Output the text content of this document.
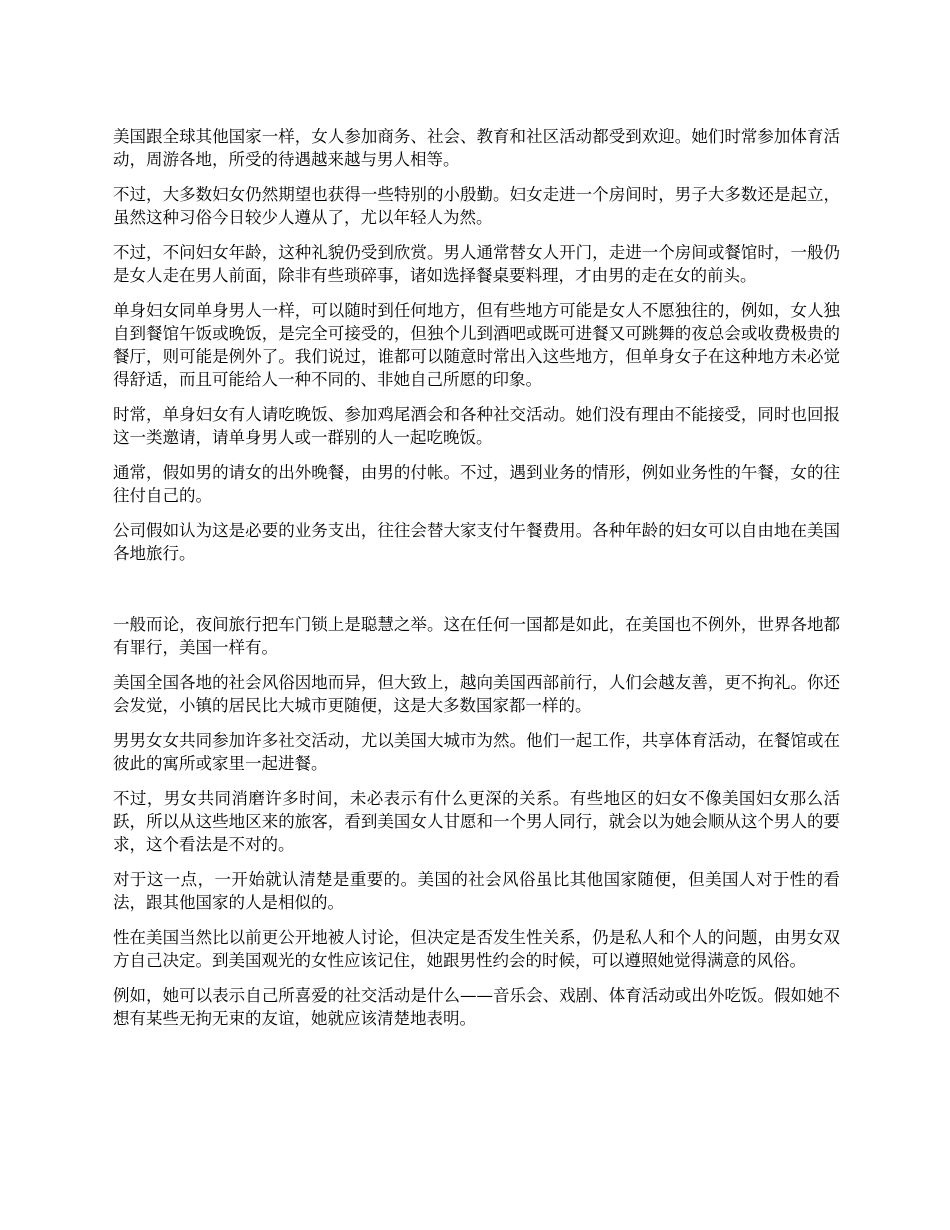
美国跟全球其他国家一样，女人参加商务、社会、教育和社区活动都受到欢迎。她们时常参加体育活动，周游各地，所受的待遇越来越与男人相等。

不过，大多数妇女仍然期望也获得一些特别的小殷勤。妇女走进一个房间时，男子大多数还是起立，虽然这种习俗今日较少人遵从了，尤以年轻人为然。

不过，不问妇女年龄，这种礼貌仍受到欣赏。男人通常替女人开门，走进一个房间或餐馆时，一般仍是女人走在男人前面，除非有些琐碎事，诸如选择餐桌要料理，才由男的走在女的前头。

单身妇女同单身男人一样，可以随时到任何地方，但有些地方可能是女人不愿独往的，例如，女人独自到餐馆午饭或晚饭，是完全可接受的，但独个儿到酒吧或既可进餐又可跳舞的夜总会或收费极贵的餐厅，则可能是例外了。我们说过，谁都可以随意时常出入这些地方，但单身女子在这种地方未必觉得舒适，而且可能给人一种不同的、非她自己所愿的印象。

时常，单身妇女有人请吃晚饭、参加鸡尾酒会和各种社交活动。她们没有理由不能接受，同时也回报这一类邀请，请单身男人或一群别的人一起吃晚饭。

通常，假如男的请女的出外晚餐，由男的付帐。不过，遇到业务的情形，例如业务性的午餐，女的往往付自己的。

公司假如认为这是必要的业务支出，往往会替大家支付午餐费用。各种年龄的妇女可以自由地在美国各地旅行。

一般而论，夜间旅行把车门锁上是聪慧之举。这在任何一国都是如此，在美国也不例外，世界各地都有罪行，美国一样有。

美国全国各地的社会风俗因地而异，但大致上，越向美国西部前行，人们会越友善，更不拘礼。你还会发觉，小镇的居民比大城市更随便，这是大多数国家都一样的。

男男女女共同参加许多社交活动，尤以美国大城市为然。他们一起工作，共享体育活动，在餐馆或在彼此的寓所或家里一起进餐。

不过，男女共同消磨许多时间，未必表示有什么更深的关系。有些地区的妇女不像美国妇女那么活跃，所以从这些地区来的旅客，看到美国女人甘愿和一个男人同行，就会以为她会顺从这个男人的要求，这个看法是不对的。

对于这一点，一开始就认清楚是重要的。美国的社会风俗虽比其他国家随便，但美国人对于性的看法，跟其他国家的人是相似的。

性在美国当然比以前更公开地被人讨论，但决定是否发生性关系，仍是私人和个人的问题，由男女双方自己决定。到美国观光的女性应该记住，她跟男性约会的时候，可以遵照她觉得满意的风俗。

例如，她可以表示自己所喜爱的社交活动是什么——音乐会、戏剧、体育活动或出外吃饭。假如她不想有某些无拘无束的友谊，她就应该清楚地表明。
